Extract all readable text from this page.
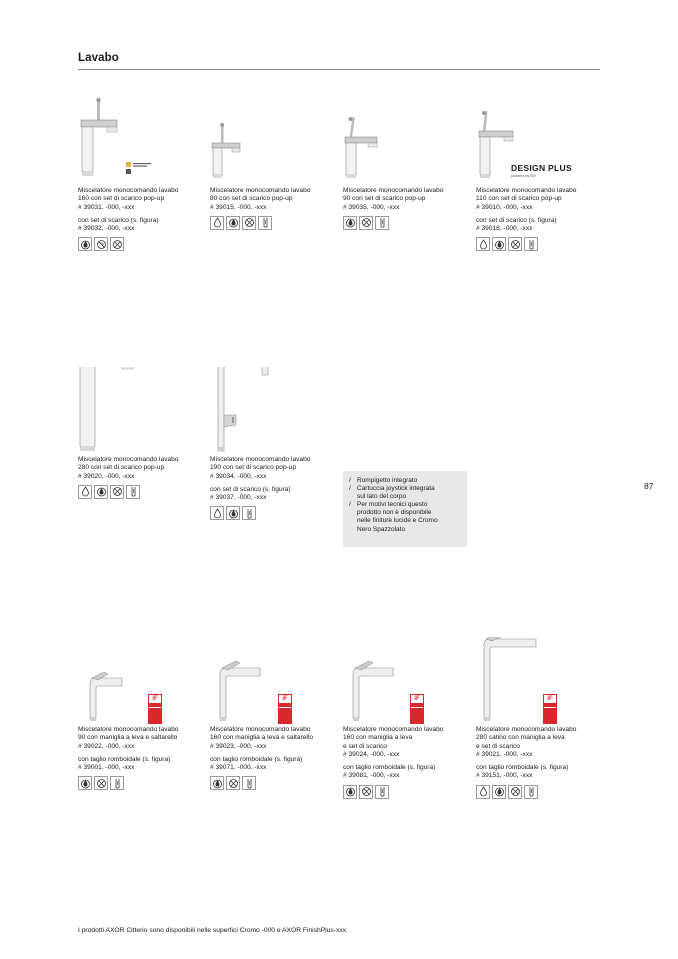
Lavabo
87

Miscelatore monocomando lavabo

160 con set di scarico pop-up

# 39031, -000, -xxx

con set di scarico (s. figura)

# 39032, -000, -xxx

Miscelatore monocomando lavabo

80 con set di scarico pop-up

# 39015, -000, -xxx

Miscelatore monocomando lavabo

90 con set di scarico pop-up

# 39035, -000, -xxx

DESIGN PLUS
powered by ISH

Miscelatore monocomando lavabo

110 con set di scarico pop-up

# 39010, -000, -xxx

con set di scarico (s. figura)

# 39018, -000, -xxx

Miscelatore monocomando lavabo

280 con set di scarico pop-up

# 39020, -000, -xxx

Miscelatore monocomando lavabo

190 con set di scarico pop-up

# 39034, -000, -xxx

con set di scarico (s. figura)

# 39037, -000, -xxx

/ Rompigetto integrato
/ Cartuccia joystick integrata
sul lato del corpo
/ Per motivi tecnici questo
prodotto non è disponibile
nelle finiture lucide e Cromo
Nero Spazzolato
iF

Miscelatore monocomando lavabo

90 con maniglia a leva e saltarello

# 39022, -000, -xxx

con taglio romboidale (s. figura)

# 39001, -000, -xxx

iF

Miscelatore monocomando lavabo

160 con maniglia a leva e saltarello

# 39023, -000, -xxx

con taglio romboidale (s. figura)

# 39071, -000, -xxx

iF

Miscelatore monocomando lavabo

160 con maniglia a leva

e set di scarico

# 39024, -000, -xxx

con taglio romboidale (s. figura)

# 39081, -000, -xxx

iF

Miscelatore monocomando lavabo

280 catino con maniglia a leva

e set di scarico

# 39021, -000, -xxx

con taglio romboidale (s. figura)

# 39151, -000, -xxx

I prodotti AXOR Citterio sono disponibili nelle superfici Cromo -000 e AXOR FinishPlus-xxx.
